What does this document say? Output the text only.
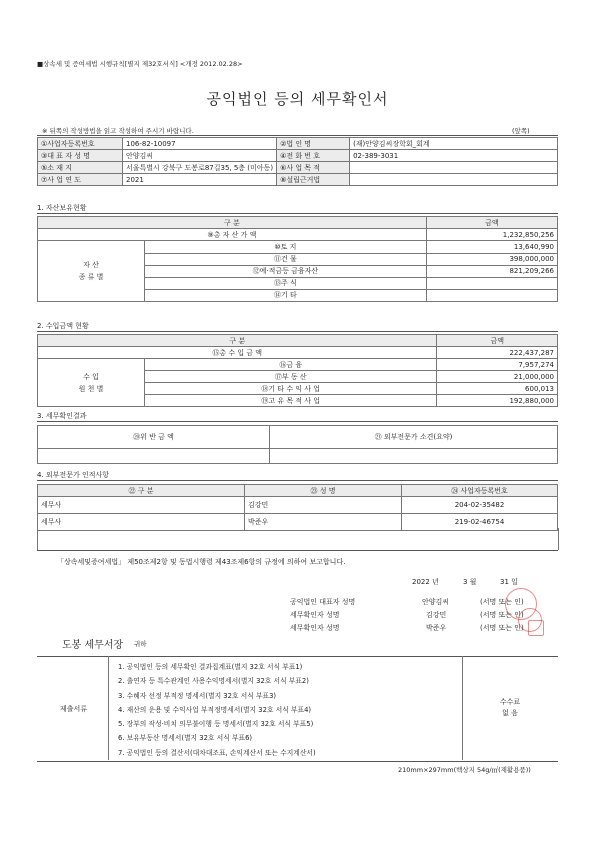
■상속세 및 증여세법 시행규칙[별지 제32호서식] <개정 2012.02.28>
공익법인 등의 세무확인서
※ 뒤쪽의 작성방법을 읽고 작성하여 주시기 바랍니다.	(앞쪽)
①사업자등록번호	106-82-10097	②법 인 명	(재)안양김씨장학회_회계
③대 표 자 성 명	안양김씨	④전 화 번 호	02-389-3031
⑤소 재 지	서울특별시 강북구 도봉로87길35, 5층 (미아동)	⑥사 업 목 적	
⑦사 업 연 도	2021	⑧설립근거법	
1. 자산보유현황
구 분		금액
⑨총 자 산 가 액		1,232,850,256
자 산
종 류 별	⑩토 지	13,640,990
	⑪건 물	398,000,000
	⑫예·적금등 금융자산	821,209,266
	⑬주 식	
	⑭기 타	
2. 수입금액 현황
구 분		금액
⑮총 수 입 금 액		222,437,287
수 입
원 천 별	⑯금 융	7,957,274
	⑰부 동 산	21,000,000
	⑱기 타 수 익 사 업	600,013
	⑲고 유 목 적 사 업	192,880,000
3. 세무확인결과
⑳위 반 금 액	㉑ 외부전문가 소견(요약)

4. 외부전문가 인적사항
㉒ 구 분	㉓ 성 명	㉔ 사업자등록번호
세무사	김강민	204-02-35482
세무사	박준우	219-02-46754
「상속세및증여세법」 제50조제2항 및 동법시행령 제43조제6항의 규정에 의하여 보고합니다.
2022 년	3 월	31 일
공익법인 대표자 성명	안양김씨	(서명 또는 인)
세무확인자 성명	김강민	(서명 또는 인)
세무확인자 성명	박준우	(서명 또는 인)
도봉 세무서장 귀하
제출서류
1. 공익법인 등의 세무확인 결과집계표(별지 32호 서식 부표1)
2. 출연자 등 특수관계인 사용수익명세서(별지 32호 서식 부표2)
3. 수혜자 선정 부적정 명세서(별지 32호 서식 부표3)
4. 재산의 운용 및 수익사업 부적정명세서(별지 32호 서식 부표4)
5. 장부의 작성·비치 의무불이행 등 명세서(별지 32호 서식 부표5)
6. 보유부동산 명세서(별지 32호 서식 부표6)
7. 공익법인 등의 결산서(대차대조표, 손익계산서 또는 수지계산서)
수수료
없 음
210mm×297mm(백상지 54g/㎡(재활용품))
